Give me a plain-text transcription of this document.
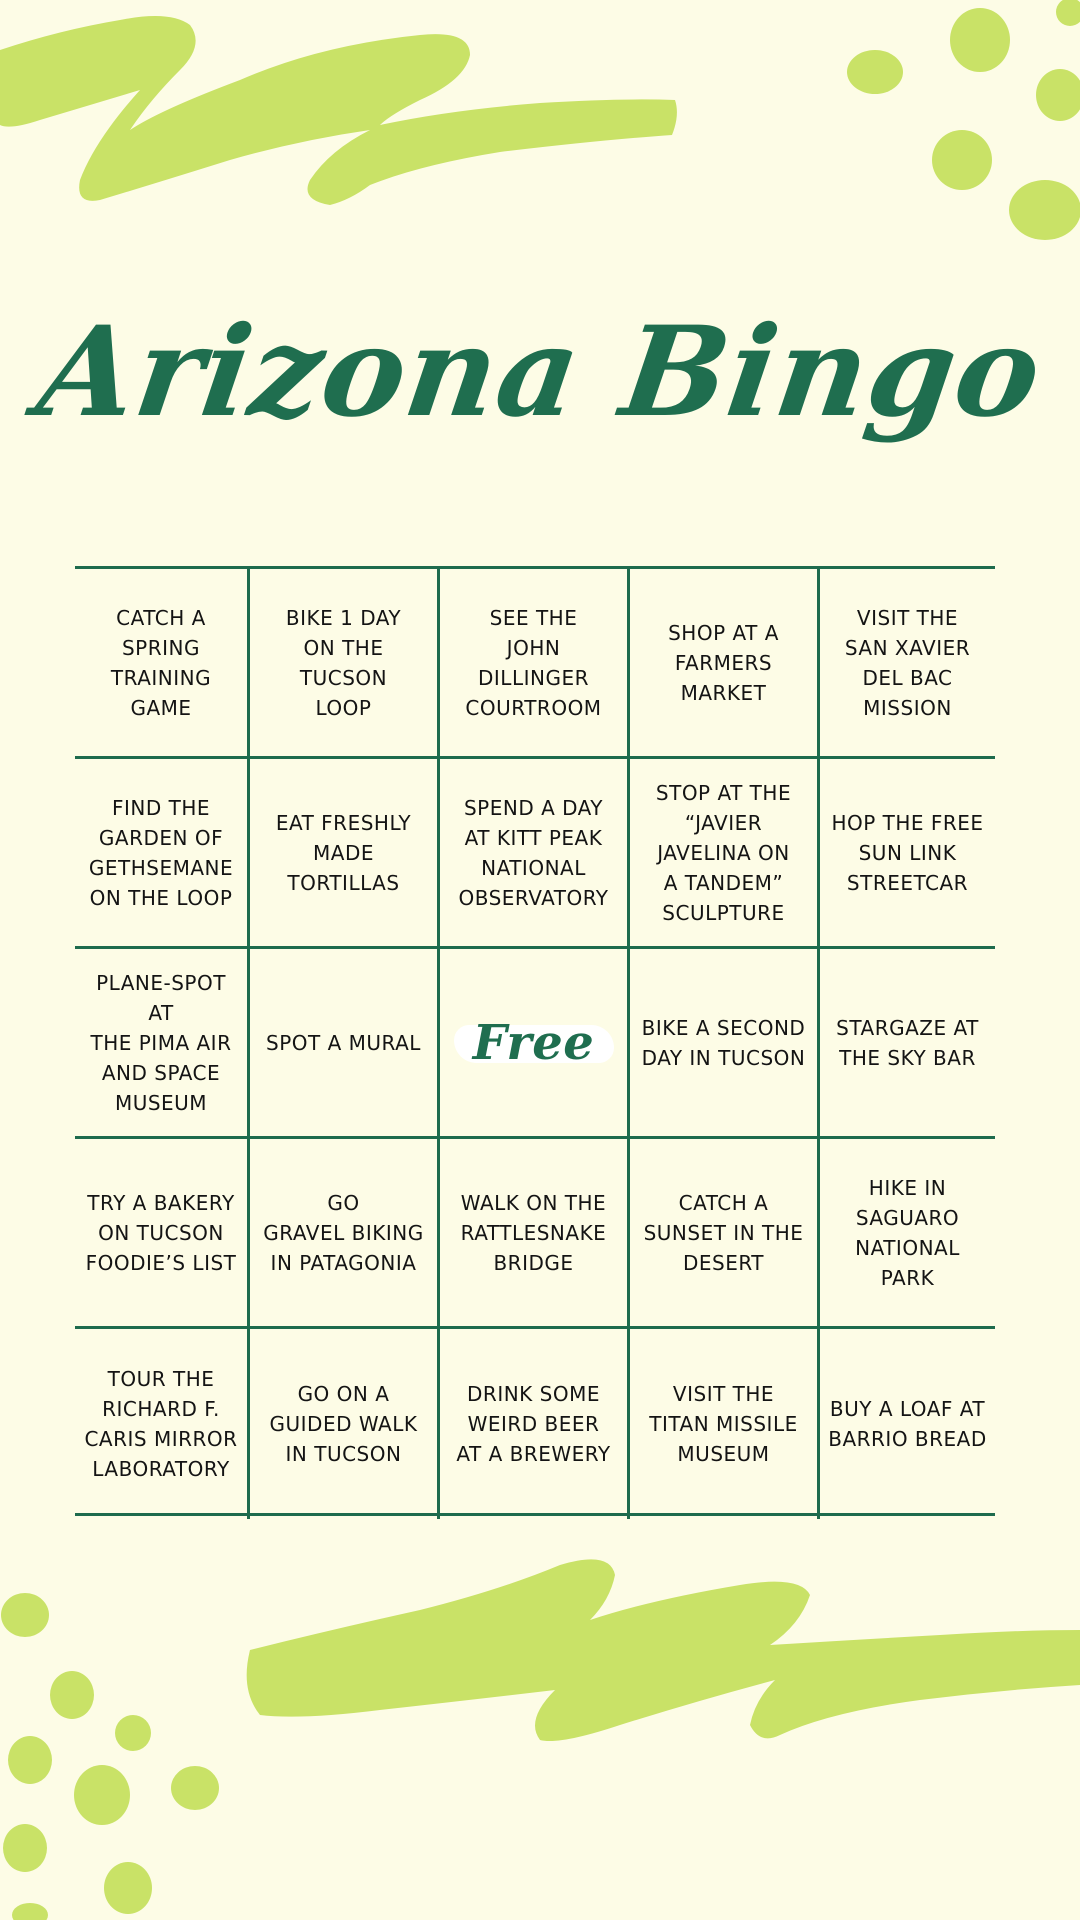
Arizona Bingo
CATCH A
SPRING
TRAINING
GAME
BIKE 1 DAY
ON THE
TUCSON
LOOP
SEE THE
JOHN
DILLINGER
COURTROOM
SHOP AT A
FARMERS
MARKET
VISIT THE
SAN XAVIER
DEL BAC
MISSION
FIND THE
GARDEN OF
GETHSEMANE
ON THE LOOP
EAT FRESHLY
MADE
TORTILLAS
SPEND A DAY
AT KITT PEAK
NATIONAL
OBSERVATORY
STOP AT THE
“JAVIER
JAVELINA ON
A TANDEM”
SCULPTURE
HOP THE FREE
SUN LINK
STREETCAR
PLANE-SPOT AT
THE PIMA AIR
AND SPACE
MUSEUM
SPOT A MURAL	Free	BIKE A SECOND
DAY IN TUCSON
STARGAZE AT
THE SKY BAR
TRY A BAKERY
ON TUCSON
FOODIE’S LIST
GO
GRAVEL BIKING
IN PATAGONIA
WALK ON THE
RATTLESNAKE
BRIDGE
CATCH A
SUNSET IN THE
DESERT
HIKE IN
SAGUARO
NATIONAL PARK
TOUR THE
RICHARD F.
CARIS MIRROR
LABORATORY
GO ON A
GUIDED WALK
IN TUCSON
DRINK SOME
WEIRD BEER
AT A BREWERY
VISIT THE
TITAN MISSILE
MUSEUM
BUY A LOAF AT
BARRIO BREAD
